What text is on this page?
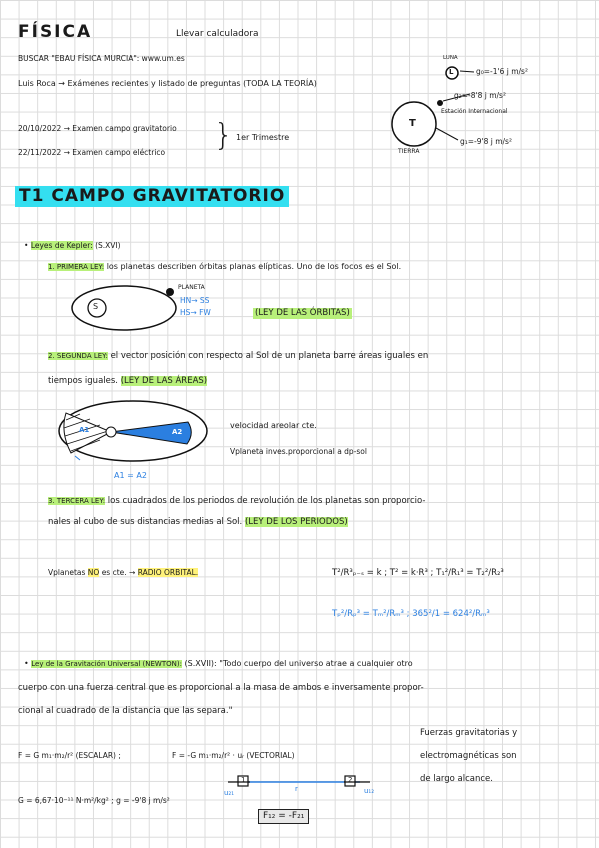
FÍSICA	Llevar calculadora
BUSCAR "EBAU FÍSICA MURCIA": www.um.es
Luis Roca → Exámenes recientes y listado de preguntas (TODA LA TEORÍA)
20/10/2022 → Examen campo gravitatorio
22/11/2022 → Examen campo eléctrico } 1er Trimestre
LUNA
L	g₀=-1'6 j m/s²
g₂=-8'8 j m/s²
Estación Internacional
T
TIERRA
g₁=-9'8 j m/s²
T1 CAMPO GRAVITATORIO
• Leyes de Kepler: (S.XVI)
1. PRIMERA LEY: los planetas describen órbitas planas elípticas. Uno de los focos es el Sol.
S
PLANETA
HN→ SS
HS→ FW	(LEY DE LAS ÓRBITAS)
2. SEGUNDA LEY: el vector posición con respecto al Sol de un planeta barre áreas iguales en
tiempos iguales. (LEY DE LAS ÁREAS)
A1	A2
A1 = A2
velocidad areolar cte.
Vplaneta inves.proporcional a dp-sol
3. TERCERA LEY: los cuadrados de los periodos de revolución de los planetas son proporcio-
nales al cubo de sus distancias medias al Sol. (LEY DE LOS PERIODOS)
Vplanetas NO es cte. → RADIO ORBITAL.	T²/R³ₚ₋ₛ = k ; T² = k·R³ ; T₁²/R₁³ = T₂²/R₂³
Tₚ²/Rₚ³ = Tₘ²/Rₘ³ ; 365²/1 = 624²/Rₘ³
• Ley de la Gravitación Universal (NEWTON): (S.XVII): "Todo cuerpo del universo atrae a cualquier otro
cuerpo con una fuerza central que es proporcional a la masa de ambos e inversamente propor-
cional al cuadrado de la distancia que las separa."
Fuerzas gravitatorias y
electromagnéticas son
de largo alcance.
F = G m₁·m₂/r² (ESCALAR) ;	F = -G m₁·m₂/r² · uᵣ (VECTORIAL)
G = 6,67·10⁻¹¹ N·m²/kg² ; g = -9'8 j m/s²
1	2
u₂₁	u₁₂
r
F₁₂ = -F₂₁
